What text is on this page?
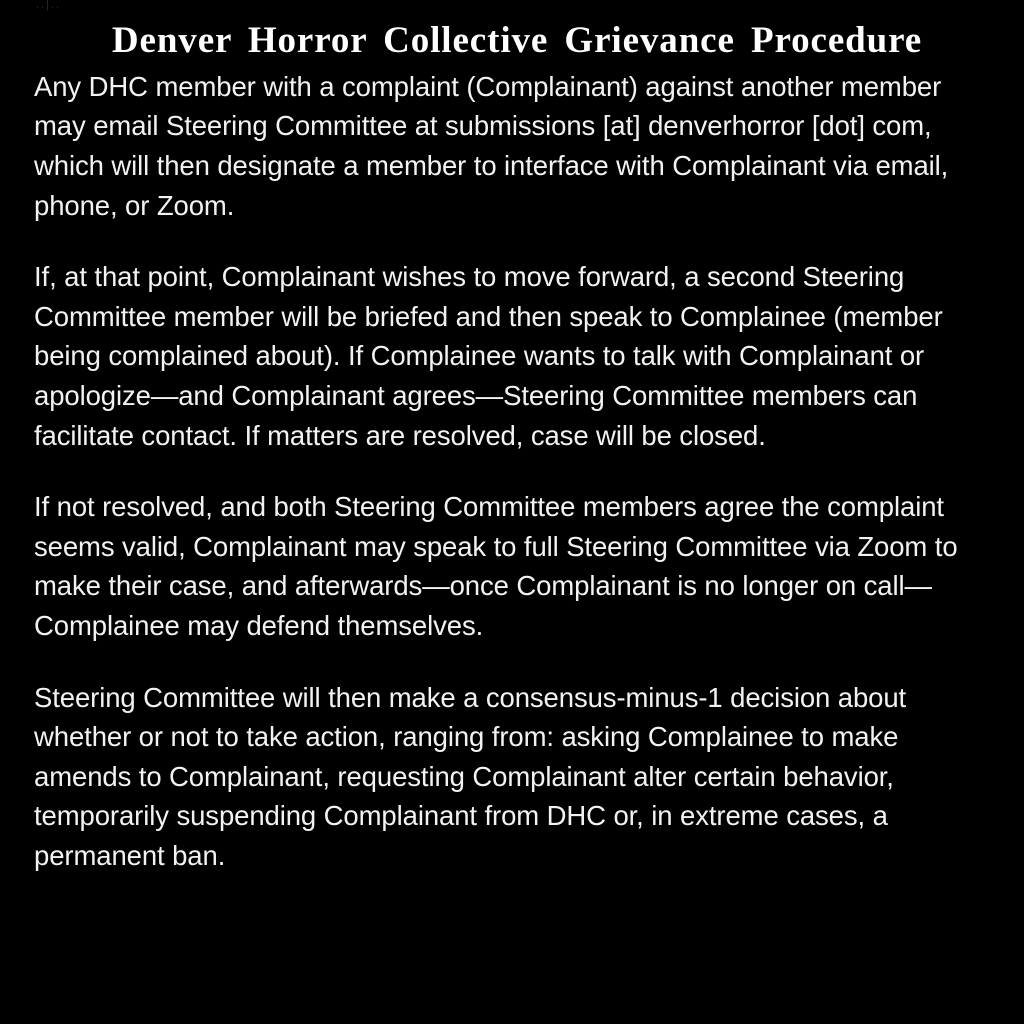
..|..
Denver Horror Collective Grievance Procedure

Any DHC member with a complaint (Complainant) against another member may email Steering Committee at submissions [at] denverhorror [dot] com, which will then designate a member to interface with Complainant via email, phone, or Zoom.

If, at that point, Complainant wishes to move forward, a second Steering Committee member will be briefed and then speak to Complainee (member being complained about). If Complainee wants to talk with Complainant or apologize—and Complainant agrees—Steering Committee members can facilitate contact. If matters are resolved, case will be closed.

If not resolved, and both Steering Committee members agree the complaint seems valid, Complainant may speak to full Steering Committee via Zoom to make their case, and afterwards—once Complainant is no longer on call—Complainee may defend themselves.

Steering Committee will then make a consensus-minus-1 decision about whether or not to take action, ranging from: asking Complainee to make amends to Complainant, requesting Complainant alter certain behavior, temporarily suspending Complainant from DHC or, in extreme cases, a permanent ban.
